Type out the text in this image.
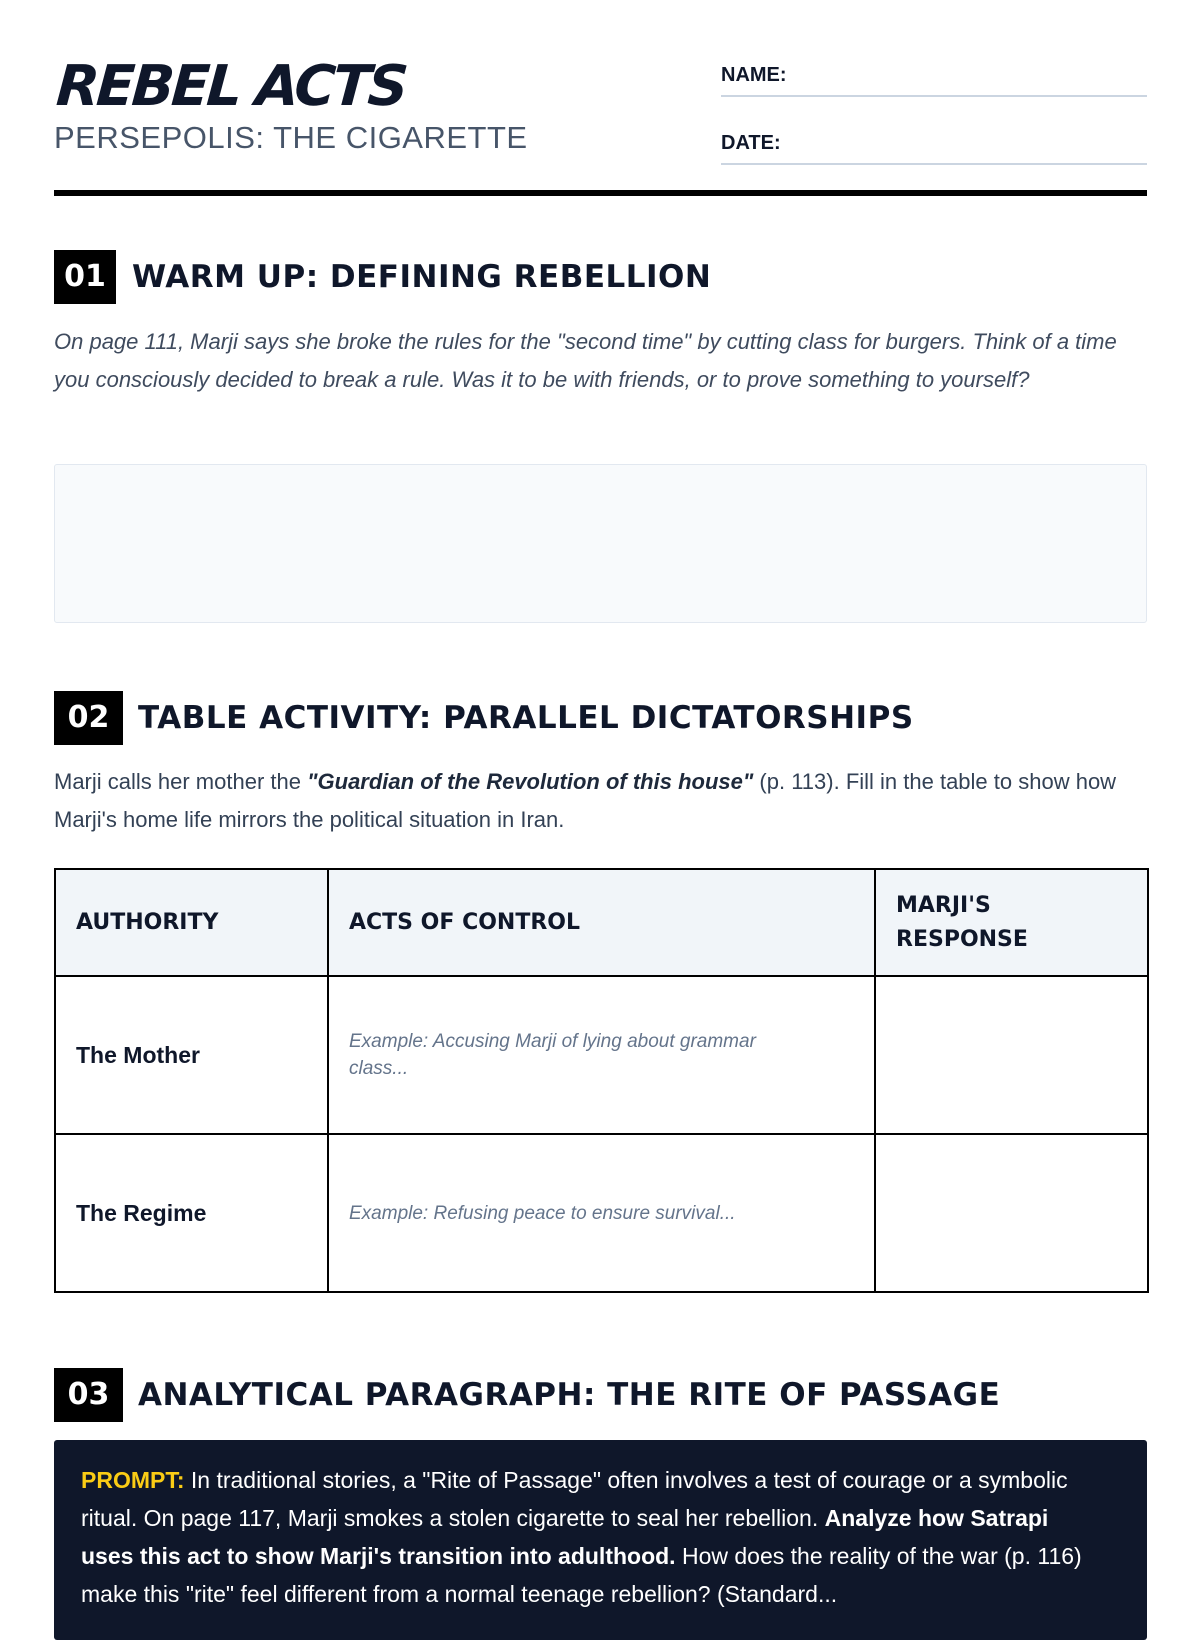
REBEL ACTS
PERSEPOLIS: THE CIGARETTE
NAME:
DATE:
01 WARM UP: DEFINING REBELLION

On page 111, Marji says she broke the rules for the "second time" by cutting class for burgers. Think of a time you consciously decided to break a rule. Was it to be with friends, or to prove something to yourself?

02 TABLE ACTIVITY: PARALLEL DICTATORSHIPS

Marji calls her mother the "Guardian of the Revolution of this house" (p. 113). Fill in the table to show how Marji's home life mirrors the political situation in Iran.

AUTHORITY	ACTS OF CONTROL	MARJI'S RESPONSE
The Mother	Example: Accusing Marji of lying about grammar class...	
The Regime	Example: Refusing peace to ensure survival...	
03 ANALYTICAL PARAGRAPH: THE RITE OF PASSAGE

PROMPT: In traditional stories, a "Rite of Passage" often involves a test of courage or a symbolic ritual. On page 117, Marji smokes a stolen cigarette to seal her rebellion. Analyze how Satrapi uses this act to show Marji's transition into adulthood. How does the reality of the war (p. 116) make this "rite" feel different from a normal teenage rebellion? (Standard...
